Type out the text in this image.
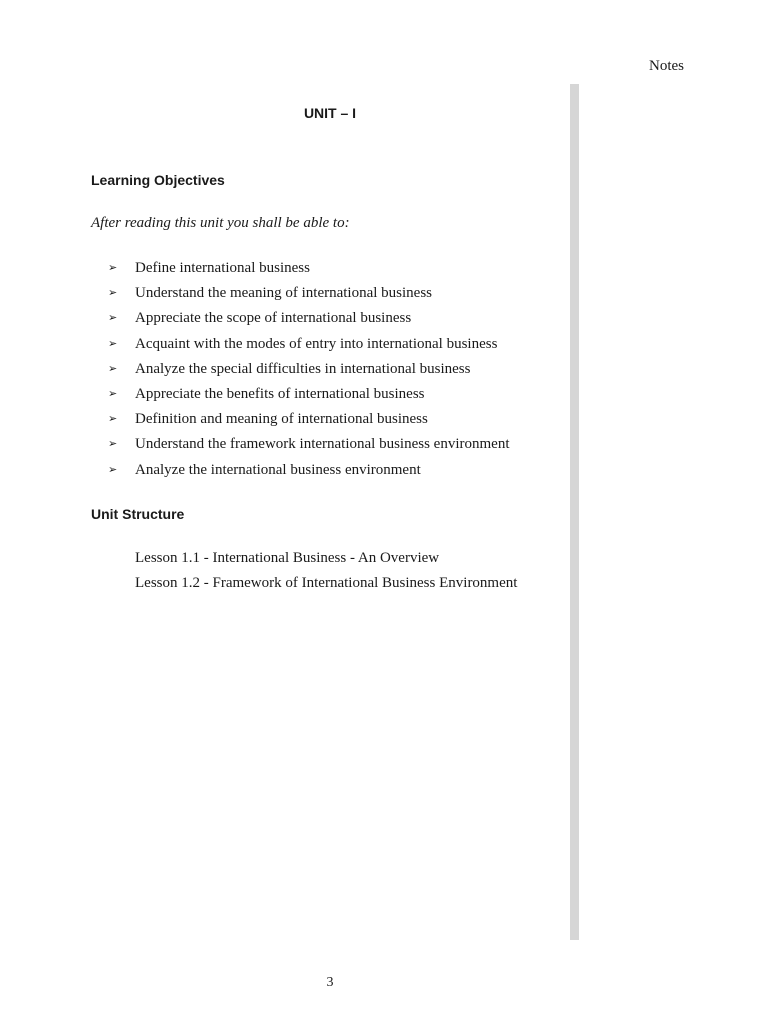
Notes
UNIT – I
Learning Objectives
After reading this unit you shall be able to:
➢ Define international business
➢ Understand the meaning of international business
➢ Appreciate the scope of international business
➢ Acquaint with the modes of entry into international business
➢ Analyze the special difficulties in international business
➢ Appreciate the benefits of international business
➢ Definition and meaning of international business
➢ Understand the framework international business environment
➢ Analyze the international business environment
Unit Structure
Lesson 1.1 - International Business - An Overview
Lesson 1.2 - Framework of International Business Environment
3
